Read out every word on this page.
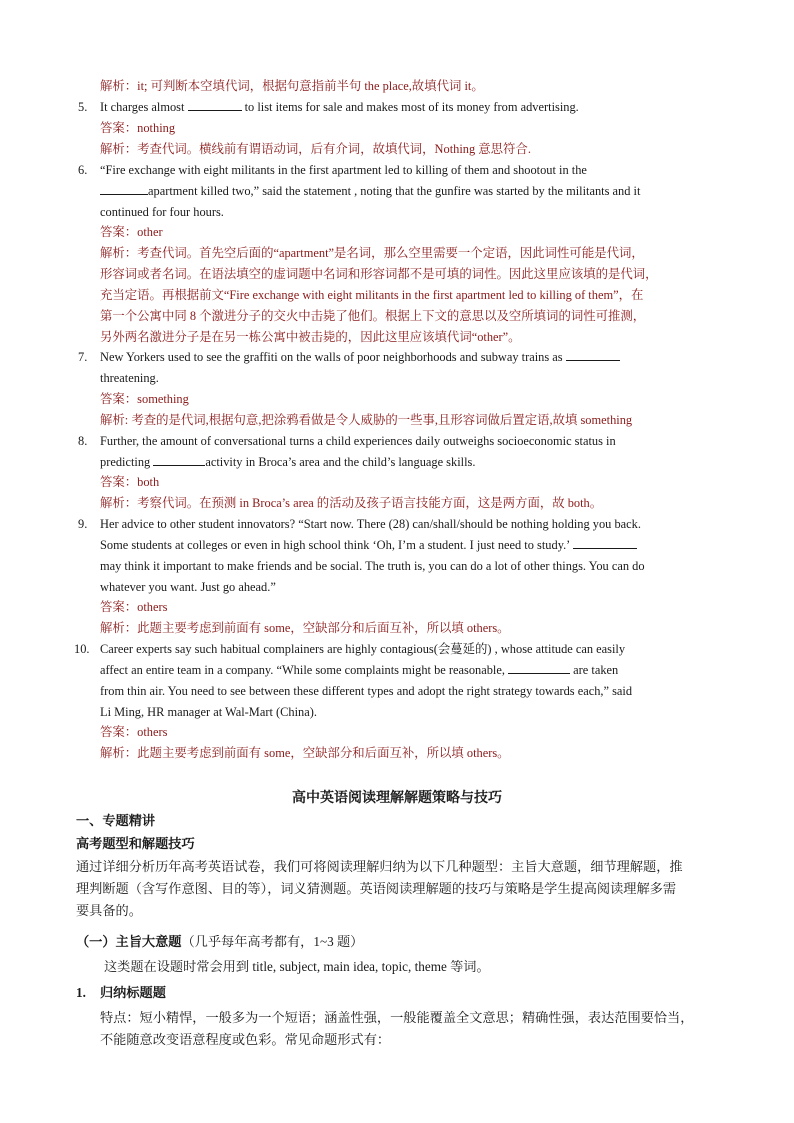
解析：it; 可判断本空填代词，根据句意指前半句 the place,故填代词 it。
5. It charges almost	to list items for sale and makes most of its money from advertising.
答案：nothing
解析：考查代词。横线前有谓语动词，后有介词，故填代词，Nothing 意思符合.
6. “Fire exchange with eight militants in the first apartment led to killing of them and shootout in the
apartment killed two,” said the statement , noting that the gunfire was started by the militants and it
continued for four hours.
答案：other
解析：考查代词。首先空后面的“apartment”是名词，那么空里需要一个定语，因此词性可能是代词，
形容词或者名词。在语法填空的虚词题中名词和形容词都不是可填的词性。因此这里应该填的是代词，
充当定语。再根据前文“Fire exchange with eight militants in the first apartment led to killing of them”，在
第一个公寓中同 8 个激进分子的交火中击毙了他们。根据上下文的意思以及空所填词的词性可推测，
另外两名激进分子是在另一栋公寓中被击毙的，因此这里应该填代词“other”。
7. New Yorkers used to see the graffiti on the walls of poor neighborhoods and subway trains as
threatening.
答案：something
解析: 考查的是代词,根据句意,把涂鸦看做是令人威胁的一些事,且形容词做后置定语,故填 something
8. Further, the amount of conversational turns a child experiences daily outweighs socioeconomic status in
predicting	activity in Broca’s area and the child’s language skills.
答案：both
解析：考察代词。在预测 in Broca’s area 的活动及孩子语言技能方面，这是两方面，故 both。
9. Her advice to other student innovators? “Start now. There (28) can/shall/should be nothing holding you back.
Some students at colleges or even in high school think ‘Oh, I’m a student. I just need to study.’
may think it important to make friends and be social. The truth is, you can do a lot of other things. You can do
whatever you want. Just go ahead.”
答案：others
解析：此题主要考虑到前面有 some，空缺部分和后面互补，所以填 others。
10. Career experts say such habitual complainers are highly contagious(会蔓延的) , whose attitude can easily
affect an entire team in a company. “While some complaints might be reasonable,	are taken
from thin air. You need to see between these different types and adopt the right strategy towards each,” said
Li Ming, HR manager at Wal-Mart (China).
答案：others
解析：此题主要考虑到前面有 some，空缺部分和后面互补，所以填 others。
高中英语阅读理解解题策略与技巧
一、专题精讲
高考题型和解题技巧
通过详细分析历年高考英语试卷，我们可将阅读理解归纳为以下几种题型：主旨大意题，细节理解题，推
理判断题（含写作意图、目的等），词义猜测题。英语阅读理解题的技巧与策略是学生提高阅读理解多需
要具备的。
（一）主旨大意题（几乎每年高考都有，1~3 题）
这类题在设题时常会用到 title, subject, main idea, topic, theme 等词。
1. 归纳标题题
特点：短小精悍，一般多为一个短语；涵盖性强，一般能覆盖全文意思；精确性强，表达范围要恰当，
不能随意改变语意程度或色彩。常见命题形式有：
